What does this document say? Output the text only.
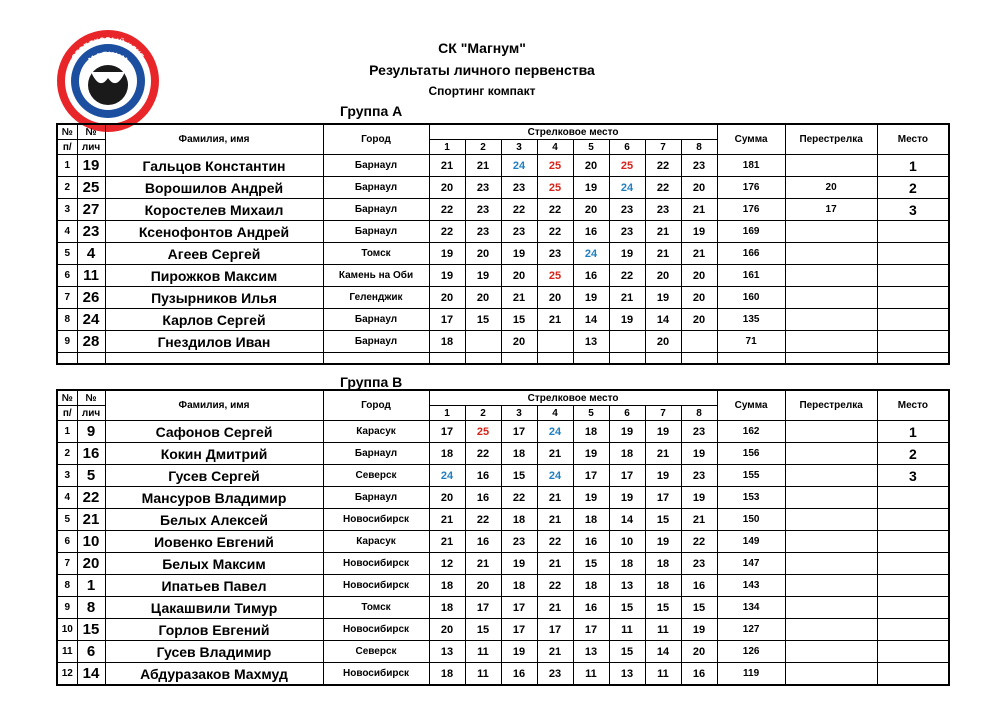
СТРЕЛКОВЫЙ КЛУБ
МАГНУМ
СК "Магнум"
Результаты личного первенства
Спортинг компакт
Группа А
Группа В
№	№	Фамилия, имя	Город	Стрелковое место								Сумма	Перестрелка	Место
п/	лич			1	2	3	4	5	6	7	8			
1	19	Гальцов Константин	Барнаул	21	21	24	25	20	25	22	23	181		1
2	25	Ворошилов Андрей	Барнаул	20	23	23	25	19	24	22	20	176	20	2
3	27	Коростелев Михаил	Барнаул	22	23	22	22	20	23	23	21	176	17	3
4	23	Ксенофонтов Андрей	Барнаул	22	23	23	22	16	23	21	19	169		
5	4	Агеев Сергей	Томск	19	20	19	23	24	19	21	21	166		
6	11	Пирожков Максим	Камень на Оби	19	19	20	25	16	22	20	20	161		
7	26	Пузырников Илья	Геленджик	20	20	21	20	19	21	19	20	160		
8	24	Карлов Сергей	Барнаул	17	15	15	21	14	19	14	20	135		
9	28	Гнездилов Иван	Барнаул	18		20		13		20		71		

№	№	Фамилия, имя	Город	Стрелковое место								Сумма	Перестрелка	Место
п/	лич			1	2	3	4	5	6	7	8			
1	9	Сафонов Сергей	Карасук	17	25	17	24	18	19	19	23	162		1
2	16	Кокин Дмитрий	Барнаул	18	22	18	21	19	18	21	19	156		2
3	5	Гусев Сергей	Северск	24	16	15	24	17	17	19	23	155		3
4	22	Мансуров Владимир	Барнаул	20	16	22	21	19	19	17	19	153		
5	21	Белых Алексей	Новосибирск	21	22	18	21	18	14	15	21	150		
6	10	Иовенко Евгений	Карасук	21	16	23	22	16	10	19	22	149		
7	20	Белых Максим	Новосибирск	12	21	19	21	15	18	18	23	147		
8	1	Ипатьев Павел	Новосибирск	18	20	18	22	18	13	18	16	143		
9	8	Цакашвили Тимур	Томск	18	17	17	21	16	15	15	15	134		
10	15	Горлов Евгений	Новосибирск	20	15	17	17	17	11	11	19	127		
11	6	Гусев Владимир	Северск	13	11	19	21	13	15	14	20	126		
12	14	Абдуразаков Махмуд	Новосибирск	18	11	16	23	11	13	11	16	119		
